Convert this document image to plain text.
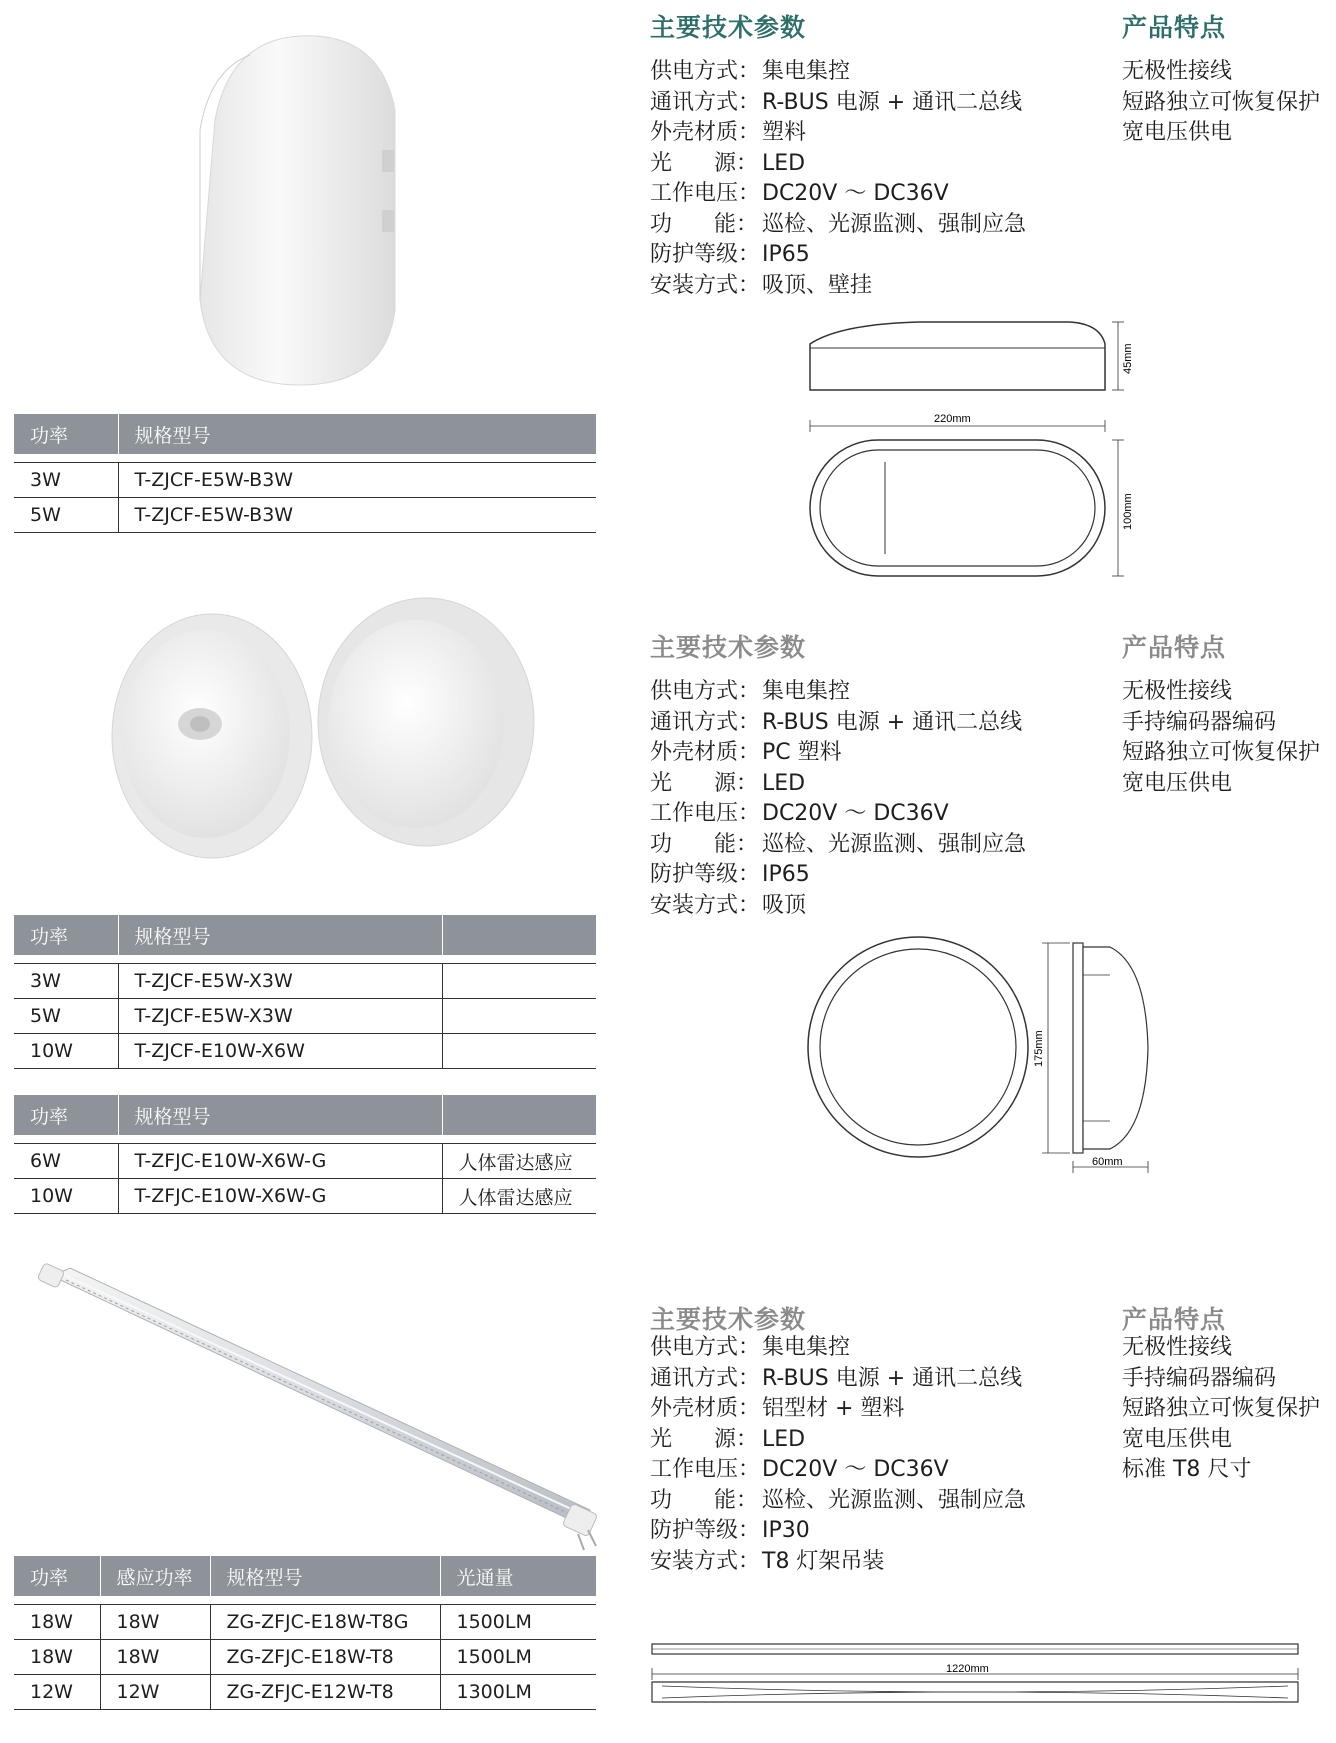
主要技术参数	产品特点
供电方式： 集电集控
通讯方式： R-BUS 电源 + 通讯二总线
外壳材质： 塑料
光      源： LED
工作电压： DC20V ～ DC36V
功      能： 巡检、光源监测、强制应急
防护等级： IP65
安装方式： 吸顶、壁挂
无极性接线
短路独立可恢复保护
宽电压供电
45mm
220mm
100mm
功率	规格型号

3W	T-ZJCF-E5W-B3W
5W	T-ZJCF-E5W-B3W
主要技术参数	产品特点
供电方式： 集电集控
通讯方式： R-BUS 电源 + 通讯二总线
外壳材质： PC 塑料
光      源： LED
工作电压： DC20V ～ DC36V
功      能： 巡检、光源监测、强制应急
防护等级： IP65
安装方式： 吸顶
无极性接线
手持编码器编码
短路独立可恢复保护
宽电压供电
175mm
60mm
功率	规格型号	

3W	T-ZJCF-E5W-X3W	
5W	T-ZJCF-E5W-X3W	
10W	T-ZJCF-E10W-X6W	
功率	规格型号	

6W	T-ZFJC-E10W-X6W-G	人体雷达感应
10W	T-ZFJC-E10W-X6W-G	人体雷达感应
主要技术参数	产品特点
供电方式： 集电集控
通讯方式： R-BUS 电源 + 通讯二总线
外壳材质： 铝型材 + 塑料
光      源： LED
工作电压： DC20V ～ DC36V
功      能： 巡检、光源监测、强制应急
防护等级： IP30
安装方式： T8 灯架吊装
无极性接线
手持编码器编码
短路独立可恢复保护
宽电压供电
标准 T8 尺寸
1220mm
功率	感应功率	规格型号	光通量

18W	18W	ZG-ZFJC-E18W-T8G	1500LM
18W	18W	ZG-ZFJC-E18W-T8	1500LM
12W	12W	ZG-ZFJC-E12W-T8	1300LM
